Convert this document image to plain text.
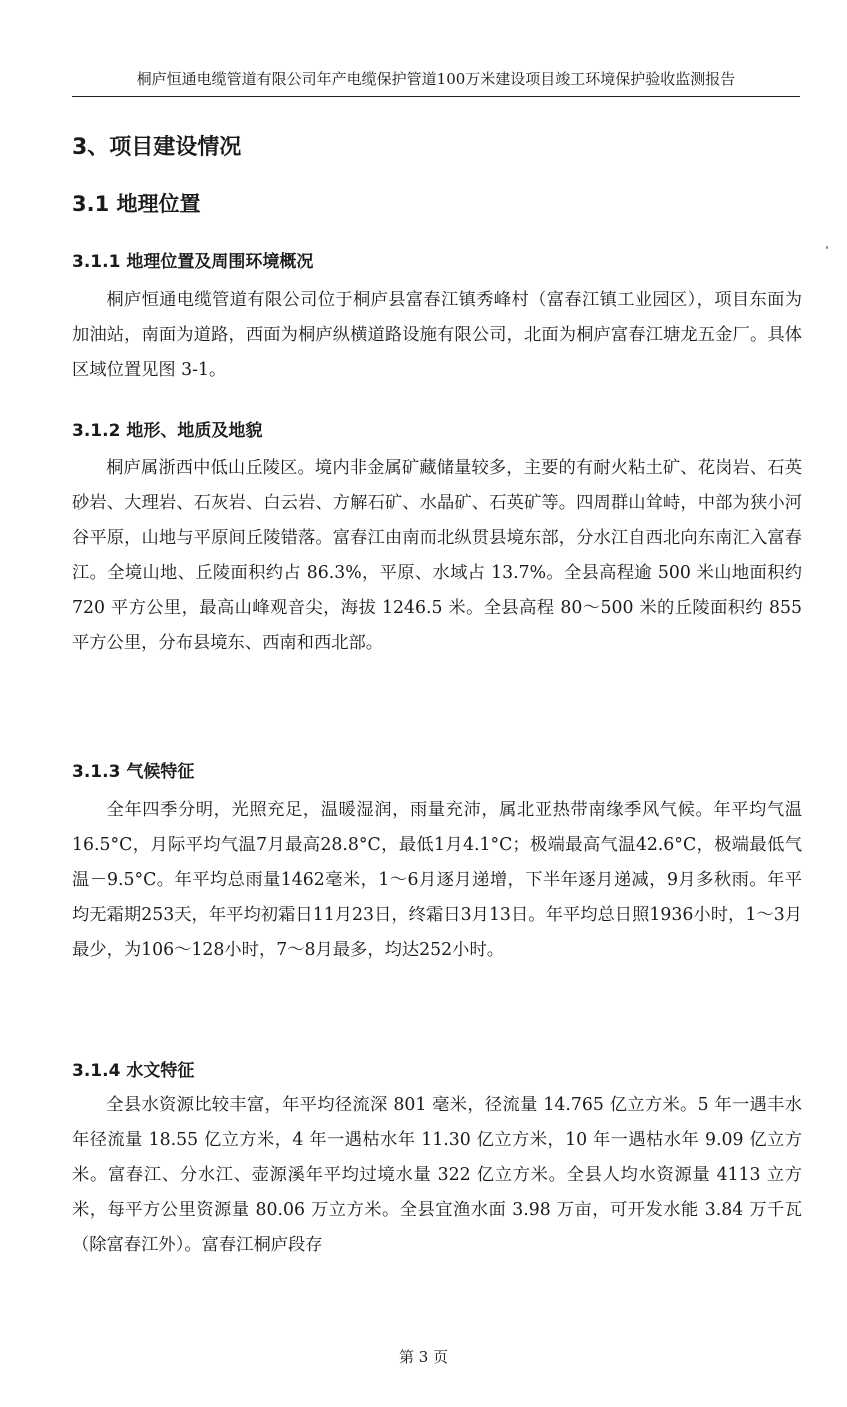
桐庐恒通电缆管道有限公司年产电缆保护管道100万米建设项目竣工环境保护验收监测报告
3、项目建设情况
3.1 地理位置
3.1.1 地理位置及周围环境概况

桐庐恒通电缆管道有限公司位于桐庐县富春江镇秀峰村（富春江镇工业园区），项目东面为加油站，南面为道路，西面为桐庐纵横道路设施有限公司，北面为桐庐富春江塘龙五金厂。具体区域位置见图 3-1。

3.1.2 地形、地质及地貌

桐庐属浙西中低山丘陵区。境内非金属矿藏储量较多，主要的有耐火粘土矿、花岗岩、石英砂岩、大理岩、石灰岩、白云岩、方解石矿、水晶矿、石英矿等。四周群山耸峙，中部为狭小河谷平原，山地与平原间丘陵错落。富春江由南而北纵贯县境东部，分水江自西北向东南汇入富春江。全境山地、丘陵面积约占 86.3%，平原、水域占 13.7%。全县高程逾 500 米山地面积约 720 平方公里，最高山峰观音尖，海拔 1246.5 米。全县高程 80～500 米的丘陵面积约 855 平方公里，分布县境东、西南和西北部。

3.1.3 气候特征

全年四季分明，光照充足，温暖湿润，雨量充沛，属北亚热带南缘季风气候。年平均气温16.5°C，月际平均气温7月最高28.8°C，最低1月4.1°C；极端最高气温42.6°C，极端最低气温－9.5°C。年平均总雨量1462毫米，1～6月逐月递增，下半年逐月递减，9月多秋雨。年平均无霜期253天，年平均初霜日11月23日，终霜日3月13日。年平均总日照1936小时，1～3月最少，为106～128小时，7～8月最多，均达252小时。

3.1.4 水文特征

全县水资源比较丰富，年平均径流深 801 毫米，径流量 14.765 亿立方米。5 年一遇丰水年径流量 18.55 亿立方米，4 年一遇枯水年 11.30 亿立方米，10 年一遇枯水年 9.09 亿立方米。富春江、分水江、壶源溪年平均过境水量 322 亿立方米。全县人均水资源量 4113 立方米，每平方公里资源量 80.06 万立方米。全县宜渔水面 3.98 万亩，可开发水能 3.84 万千瓦（除富春江外）。富春江桐庐段存

第 3 页
